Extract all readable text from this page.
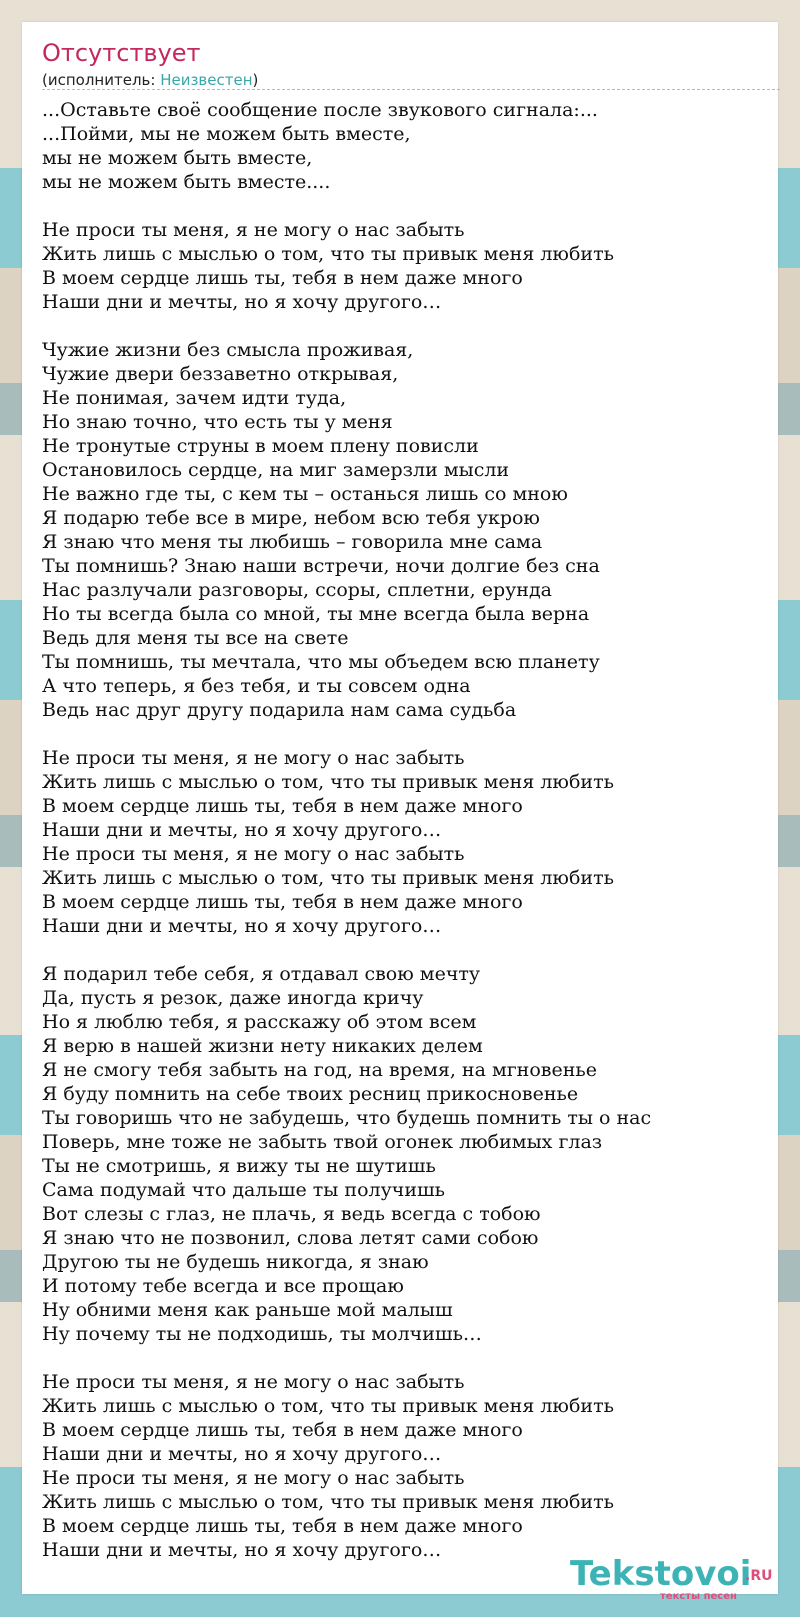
Отсутствует
(исполнитель: Неизвестен)
...Оставьте своё сообщение после звукового сигнала:...
...Пойми, мы не можем быть вместе,
мы не можем быть вместе,
мы не можем быть вместе....
Не проси ты меня, я не могу о нас забыть
Жить лишь с мыслью о том, что ты привык меня любить
В моем сердце лишь ты, тебя в нем даже много
Наши дни и мечты, но я хочу другого…
Чужие жизни без смысла проживая,
Чужие двери беззаветно открывая,
Не понимая, зачем идти туда,
Но знаю точно, что есть ты у меня
Не тронутые струны в моем плену повисли
Остановилось сердце, на миг замерзли мысли
Не важно где ты, с кем ты – останься лишь со мною
Я подарю тебе все в мире, небом всю тебя укрою
Я знаю что меня ты любишь – говорила мне сама
Ты помнишь? Знаю наши встречи, ночи долгие без сна
Нас разлучали разговоры, ссоры, сплетни, ерунда
Но ты всегда была со мной, ты мне всегда была верна
Ведь для меня ты все на свете
Ты помнишь, ты мечтала, что мы объедем всю планету
А что теперь, я без тебя, и ты совсем одна
Ведь нас друг другу подарила нам сама судьба
Не проси ты меня, я не могу о нас забыть
Жить лишь с мыслью о том, что ты привык меня любить
В моем сердце лишь ты, тебя в нем даже много
Наши дни и мечты, но я хочу другого…
Не проси ты меня, я не могу о нас забыть
Жить лишь с мыслью о том, что ты привык меня любить
В моем сердце лишь ты, тебя в нем даже много
Наши дни и мечты, но я хочу другого…
Я подарил тебе себя, я отдавал свою мечту
Да, пусть я резок, даже иногда кричу
Но я люблю тебя, я расскажу об этом всем
Я верю в нашей жизни нету никаких делем
Я не смогу тебя забыть на год, на время, на мгновенье
Я буду помнить на себе твоих ресниц прикосновенье
Ты говоришь что не забудешь, что будешь помнить ты о нас
Поверь, мне тоже не забыть твой огонек любимых глаз
Ты не смотришь, я вижу ты не шутишь
Сама подумай что дальше ты получишь
Вот слезы с глаз, не плачь, я ведь всегда с тобою
Я знаю что не позвонил, слова летят сами собою
Другою ты не будешь никогда, я знаю
И потому тебе всегда и все прощаю
Ну обними меня как раньше мой малыш
Ну почему ты не подходишь, ты молчишь…
Не проси ты меня, я не могу о нас забыть
Жить лишь с мыслью о том, что ты привык меня любить
В моем сердце лишь ты, тебя в нем даже много
Наши дни и мечты, но я хочу другого…
Не проси ты меня, я не могу о нас забыть
Жить лишь с мыслью о том, что ты привык меня любить
В моем сердце лишь ты, тебя в нем даже много
Наши дни и мечты, но я хочу другого…
Tekstovoi
.RU
тексты песен
